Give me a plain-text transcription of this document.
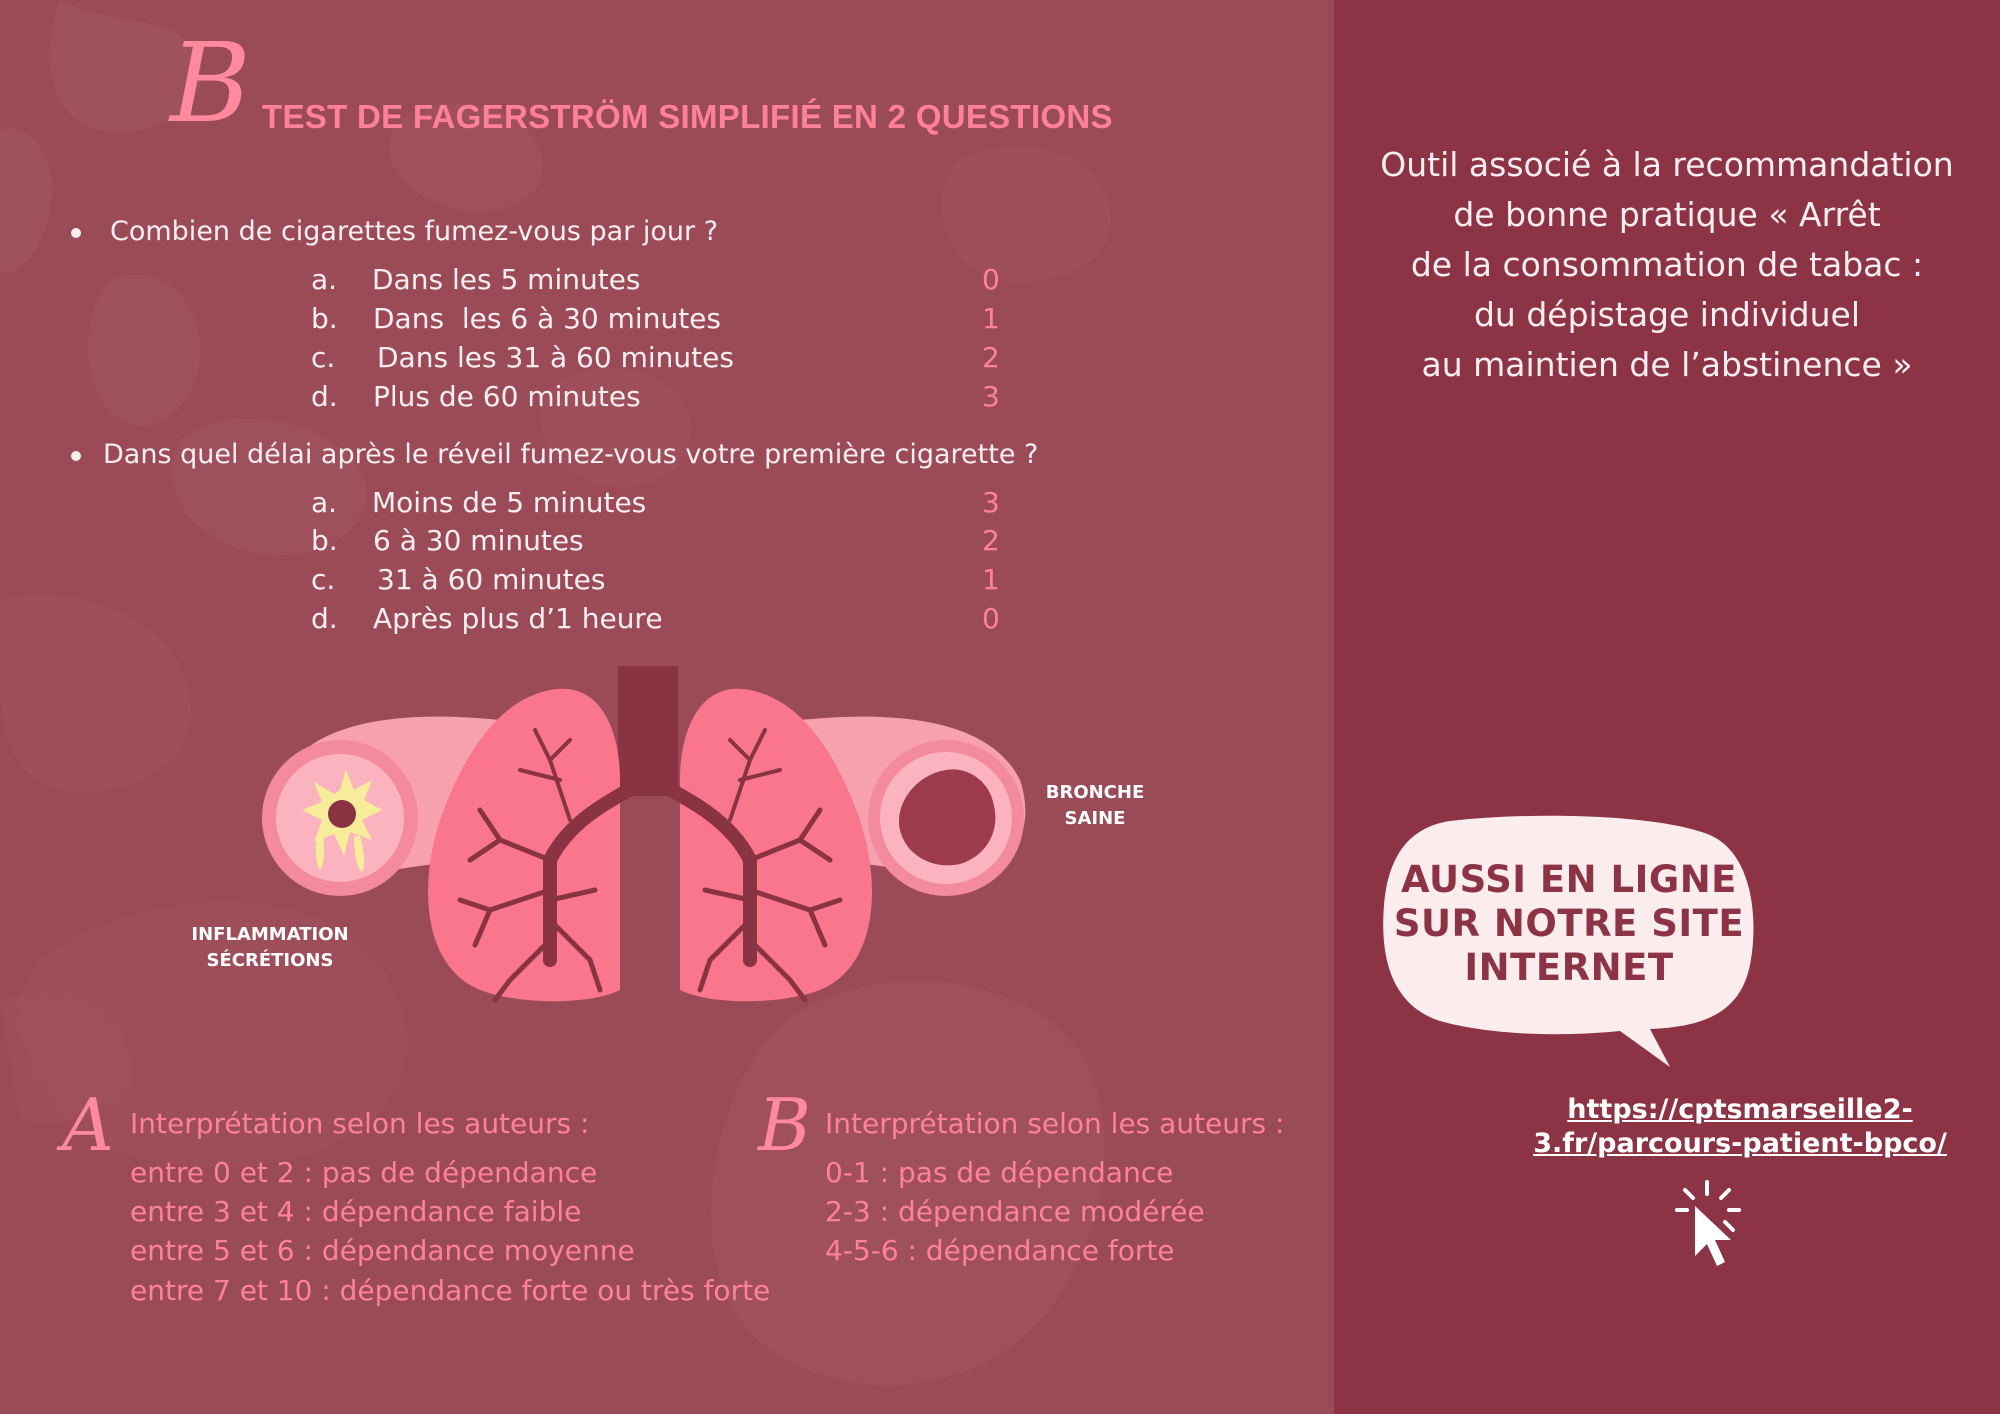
B TEST DE FAGERSTRÖM SIMPLIFIÉ EN 2 QUESTIONS
Combien de cigarettes fumez-vous par jour ?
a. Dans les 5 minutes	0
b. Dans  les 6 à 30 minutes	1
c. Dans les 31 à 60 minutes	2
d. Plus de 60 minutes	3
Dans quel délai après le réveil fumez-vous votre première cigarette ?
a. Moins de 5 minutes	3
b. 6 à 30 minutes	2
c. 31 à 60 minutes	1
d. Après plus d’1 heure	0
INFLAMMATION
SÉCRÉTIONS
BRONCHE
SAINE
A Interprétation selon les auteurs :
entre 0 et 2 : pas de dépendance
entre 3 et 4 : dépendance faible
entre 5 et 6 : dépendance moyenne
entre 7 et 10 : dépendance forte ou très forte
B Interprétation selon les auteurs :
0-1 : pas de dépendance
2-3 : dépendance modérée
4-5-6 : dépendance forte
Outil associé à la recommandation
de bonne pratique « Arrêt
de la consommation de tabac :
du dépistage individuel
au maintien de l’abstinence »
AUSSI EN LIGNE
SUR NOTRE SITE
INTERNET
https://cptsmarseille2-
3.fr/parcours-patient-bpco/
